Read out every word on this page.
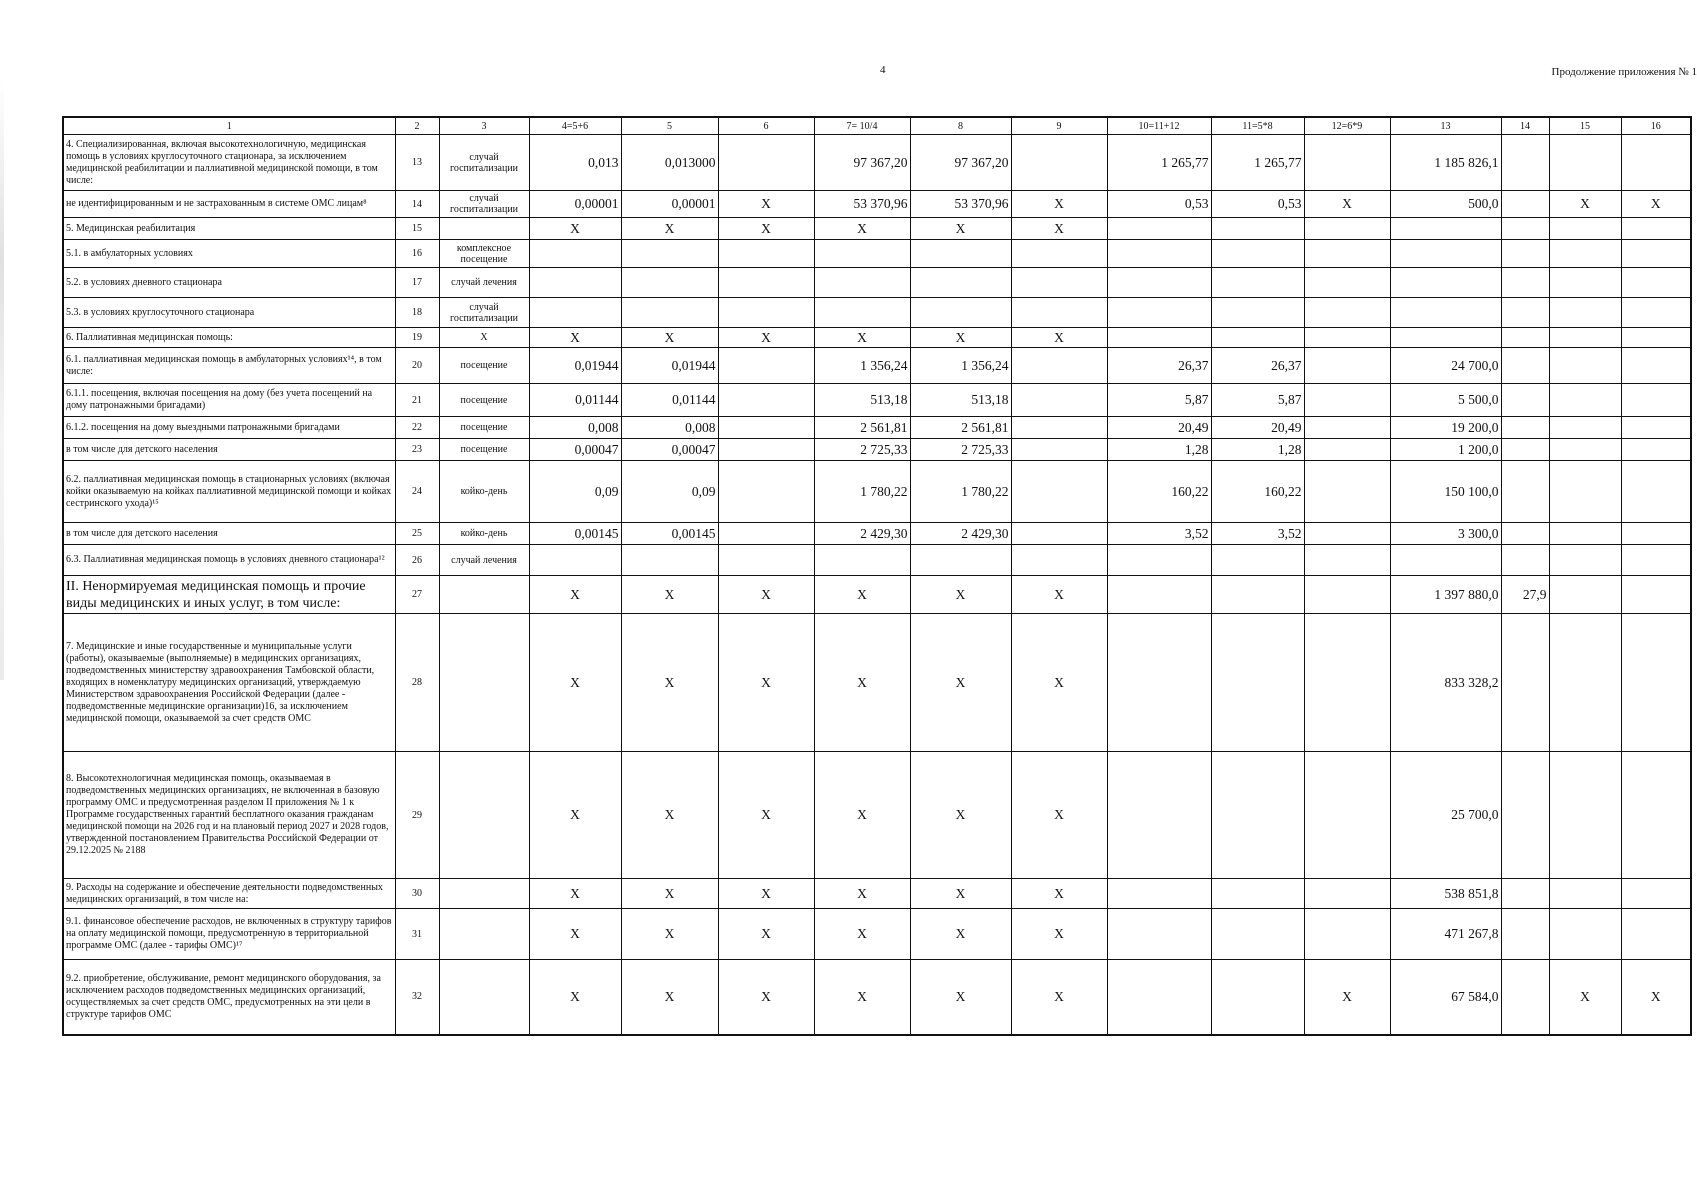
4	Продолжение приложения № 1
1	2	3	4=5+6	5	6	7= 10/4	8	9	10=11+12	11=5*8	12=6*9	13	14	15	16
4. Специализированная, включая высокотехнологичную, медицинская помощь в условиях круглосуточного стационара, за исключением медицинской реабилитации и паллиативной медицинской помощи, в том числе:	13	случай госпитализации	0,013	0,013000		97 367,20	97 367,20		1 265,77	1 265,77		1 185 826,1			
не идентифицированным и не застрахованным в системе ОМС лицам⁸	14	случай госпитализации	0,00001	0,00001	X	53 370,96	53 370,96	X	0,53	0,53	X	500,0		X	X
5. Медицинская реабилитация	15		X	X	X	X	X	X							
5.1. в амбулаторных условиях	16	комплексное посещение													
5.2. в условиях дневного стационара	17	случай лечения													
5.3. в условиях круглосуточного стационара	18	случай госпитализации													
6. Паллиативная медицинская помощь:	19	X	X	X	X	X	X	X							
6.1. паллиативная медицинская помощь в амбулаторных условиях¹⁴, в том числе:	20	посещение	0,01944	0,01944		1 356,24	1 356,24		26,37	26,37		24 700,0			
6.1.1. посещения, включая посещения на дому (без учета посещений на дому патронажными бригадами)	21	посещение	0,01144	0,01144		513,18	513,18		5,87	5,87		5 500,0			
6.1.2. посещения на дому выездными патронажными бригадами	22	посещение	0,008	0,008		2 561,81	2 561,81		20,49	20,49		19 200,0			
в том числе для детского населения	23	посещение	0,00047	0,00047		2 725,33	2 725,33		1,28	1,28		1 200,0			
6.2. паллиативная медицинская помощь в стационарных условиях (включая койки оказываемую на койках паллиативной медицинской помощи и койках сестринского ухода)¹⁵	24	койко-день	0,09	0,09		1 780,22	1 780,22		160,22	160,22		150 100,0			
в том числе для детского населения	25	койко-день	0,00145	0,00145		2 429,30	2 429,30		3,52	3,52		3 300,0			
6.3. Паллиативная медицинская помощь в условиях дневного стационара¹²	26	случай лечения													
II. Ненормируемая медицинская помощь и прочие виды медицинских и иных услуг, в том числе:	27		X	X	X	X	X	X				1 397 880,0	27,9		
7. Медицинские и иные государственные и муниципальные услуги (работы), оказываемые (выполняемые) в медицинских организациях, подведомственных министерству здравоохранения Тамбовской области, входящих в номенклатуру медицинских организаций, утверждаемую Министерством здравоохранения Российской Федерации (далее - подведомственные медицинские организации)16, за исключением медицинской помощи, оказываемой за счет средств ОМС	28		X	X	X	X	X	X				833 328,2			
8. Высокотехнологичная медицинская помощь, оказываемая в подведомственных медицинских организациях, не включенная в базовую программу ОМС и предусмотренная разделом II приложения № 1 к Программе государственных гарантий бесплатного оказания гражданам медицинской помощи на 2026 год и на плановый период 2027 и 2028 годов, утвержденной постановлением Правительства Российской Федерации от 29.12.2025 № 2188	29		X	X	X	X	X	X				25 700,0			
9. Расходы на содержание и обеспечение деятельности подведомственных медицинских организаций, в том числе на:	30		X	X	X	X	X	X				538 851,8			
9.1. финансовое обеспечение расходов, не включенных в структуру тарифов на оплату медицинской помощи, предусмотренную в территориальной программе ОМС (далее - тарифы ОМС)¹⁷	31		X	X	X	X	X	X				471 267,8			
9.2. приобретение, обслуживание, ремонт медицинского оборудования, за исключением расходов подведомственных медицинских организаций, осуществляемых за счет средств ОМС, предусмотренных на эти цели в структуре тарифов ОМС	32		X	X	X	X	X	X			X	67 584,0		X	X
